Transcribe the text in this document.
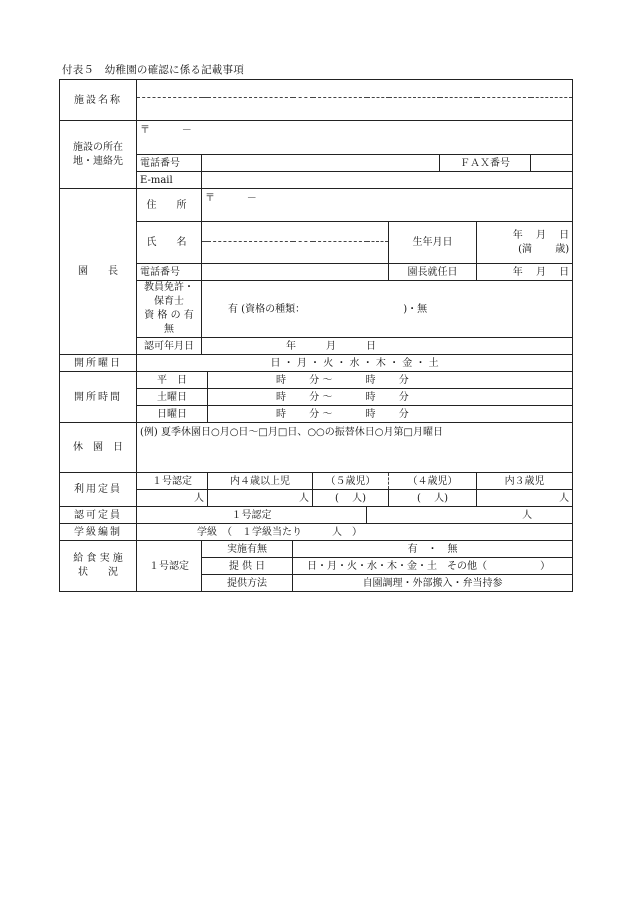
付表５　幼稚園の確認に係る記載事項
施設名称										

施設の所在
地・連絡先	〒 －									
	電話番号							ＦＡＸ番号		
	E-mail									
園　　長	住　所	〒 －								
	氏　名						生年月日		年　 月　 日
(満　　 歳)	

	電話番号						園長就任日		年　 月　 日	
	教員免許・保育士
資 格 の 有 無	有 (資格の種類：　　　　　　　　　　 )・無								
	認可年月日	年　　　月　　　日								
開所曜日	日 ・ 月 ・ 火 ・ 水 ・ 木 ・ 金 ・ 土									
開所時間	平　日		時　　 分 ～　　　 時　　 分							
	土曜日		時　　 分 ～　　　 時　　 分							
	日曜日		時　　 分 ～　　　 時　　 分							
休　園　日	(例) 夏季休園日○月○日～□月□日、○○の振替休日○月第□月曜日									
利用定員	１号認定		内４歳以上児		（５歳児）		（４歳児）		内３歳児	
	人		人		(　 人)		(　 人)		人	
認可定員	１号認定					人				
学級編制	学級　（　１学級当たり　　　人　）									
給 食 実 施
状　　況	１号認定	実施有無		有　・　無						
		提 供 日		日・月・火・水・木・金・土　その他（　　　　　 ）						
		提供方法		自園調理・外部搬入・弁当持参						
